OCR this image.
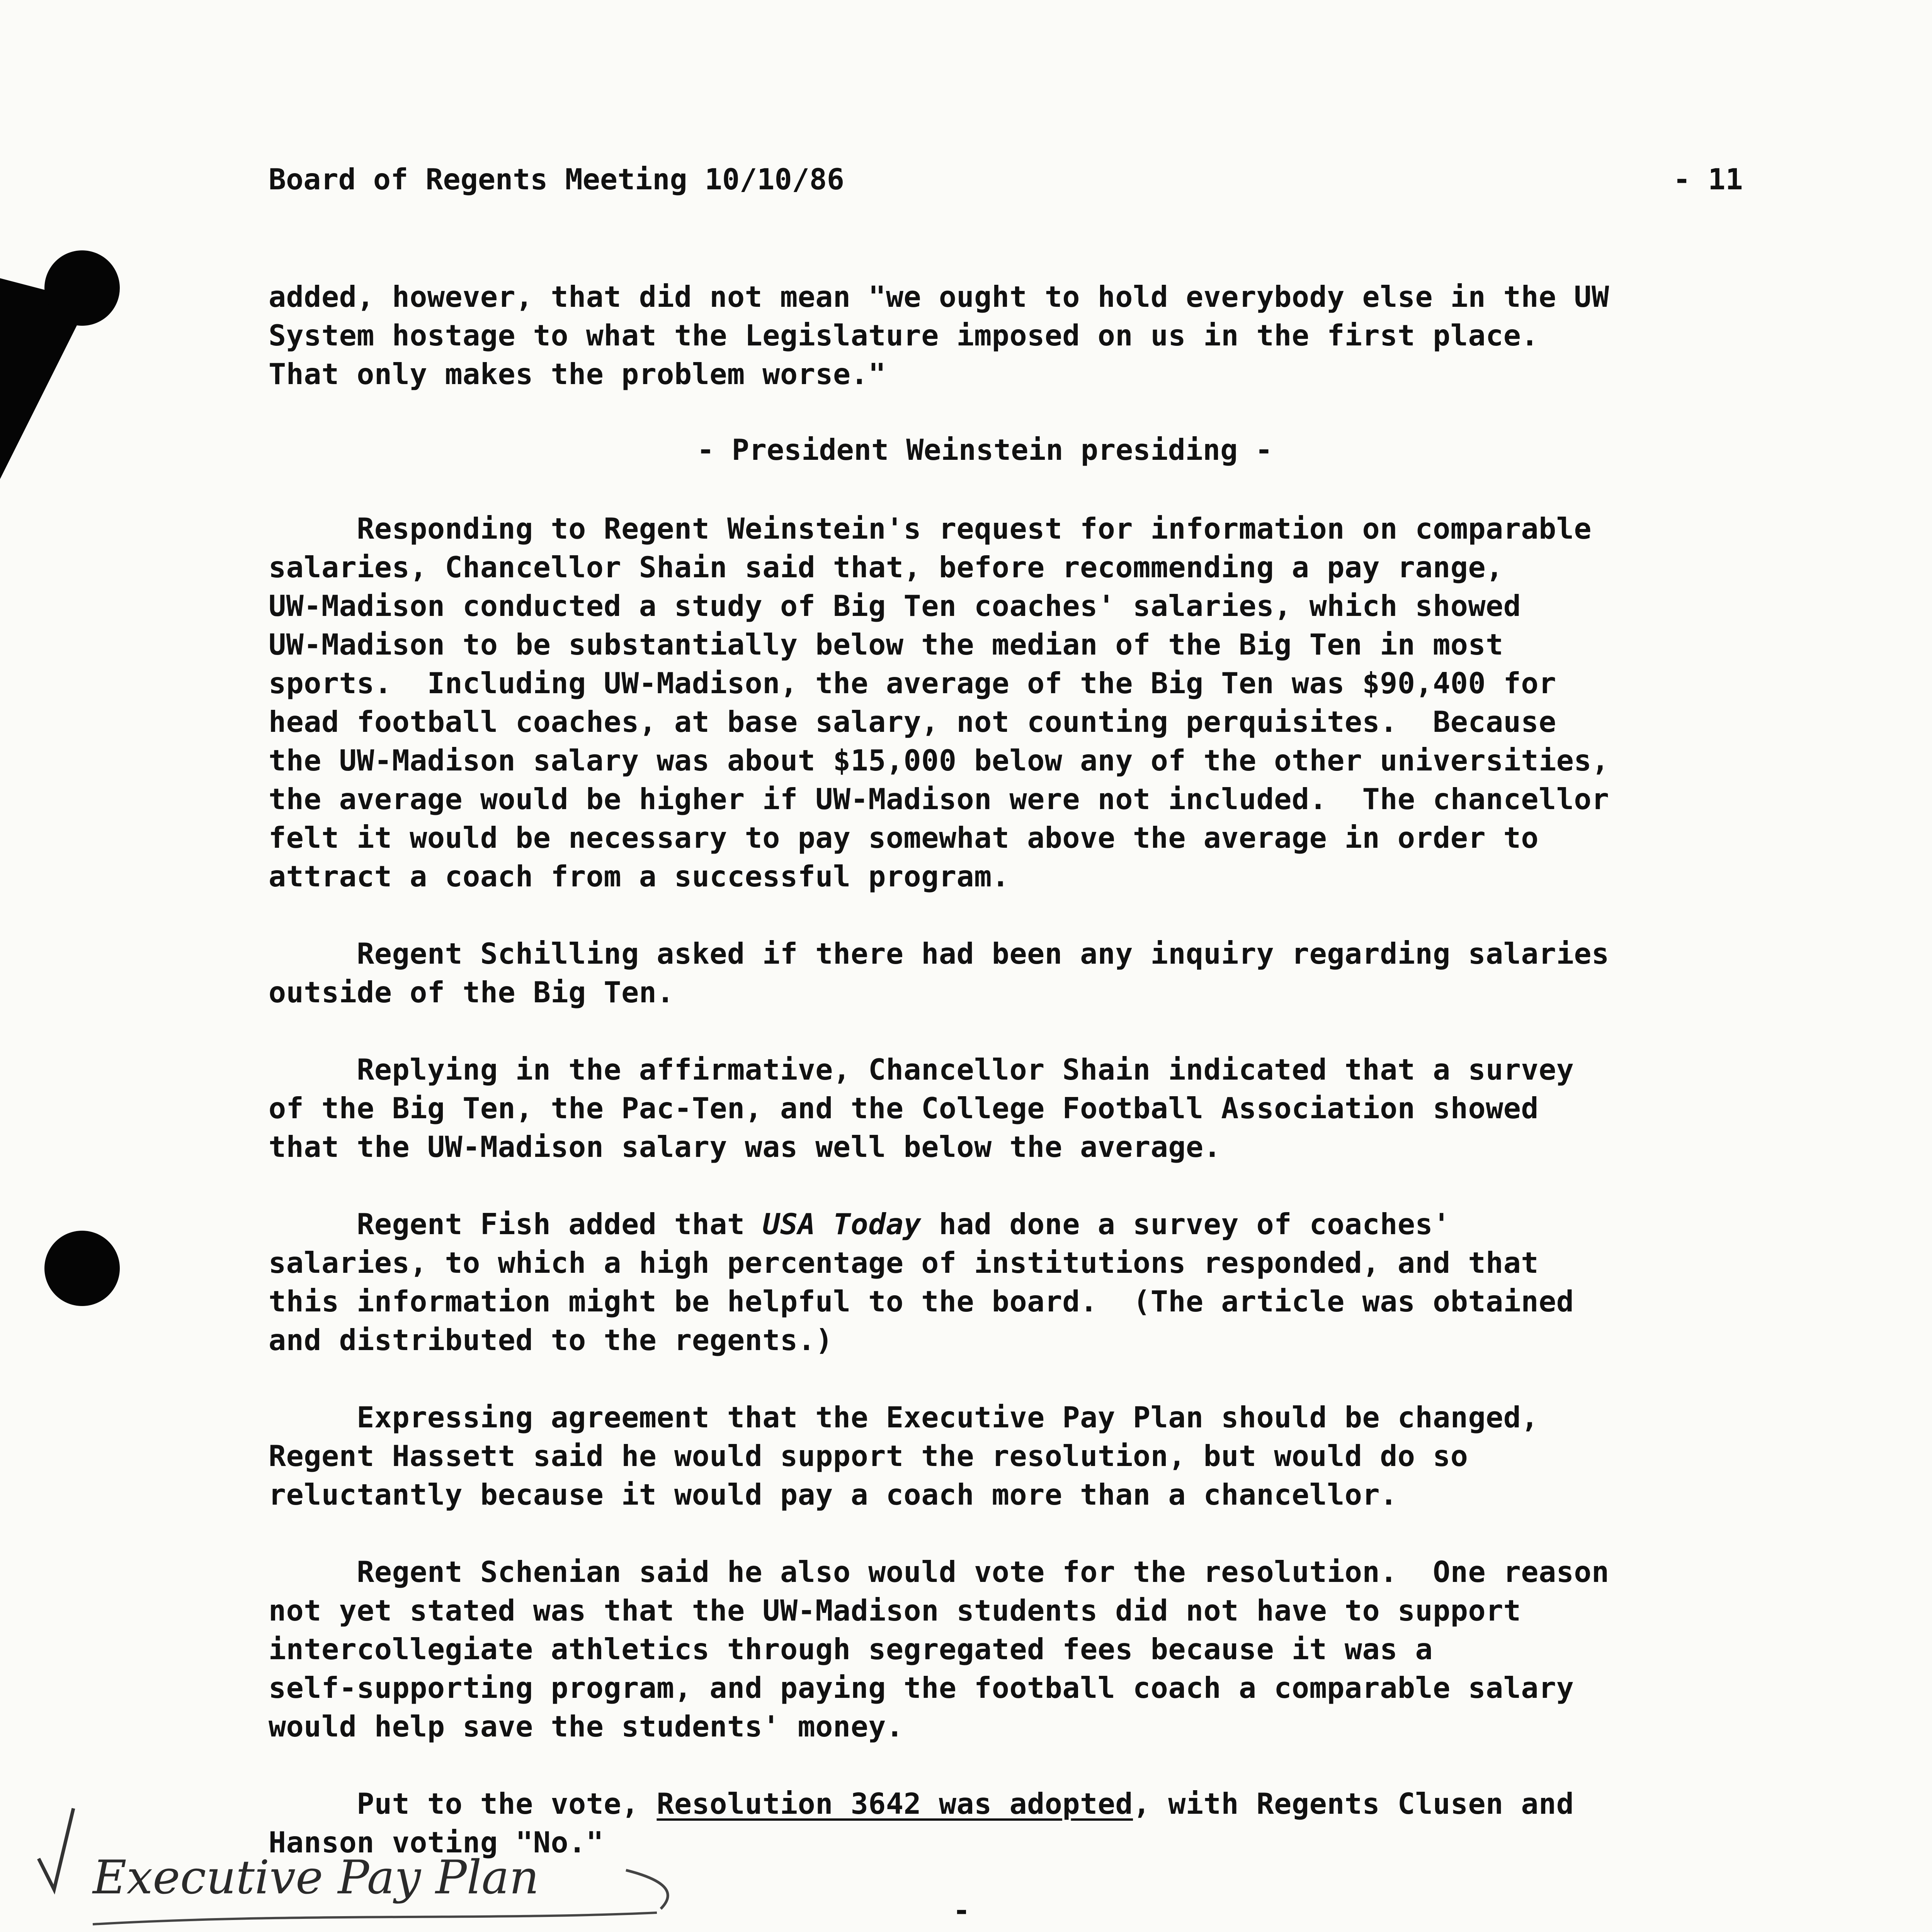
Board of Regents Meeting 10/10/86	- 11
added, however, that did not mean "we ought to hold everybody else in the UW
System hostage to what the Legislature imposed on us in the first place.
That only makes the problem worse."
- President Weinstein presiding -
Responding to Regent Weinstein's request for information on comparable
salaries, Chancellor Shain said that, before recommending a pay range,
UW-Madison conducted a study of Big Ten coaches' salaries, which showed
UW-Madison to be substantially below the median of the Big Ten in most
sports.  Including UW-Madison, the average of the Big Ten was $90,400 for
head football coaches, at base salary, not counting perquisites.  Because
the UW-Madison salary was about $15,000 below any of the other universities,
the average would be higher if UW-Madison were not included.  The chancellor
felt it would be necessary to pay somewhat above the average in order to
attract a coach from a successful program.
Regent Schilling asked if there had been any inquiry regarding salaries
outside of the Big Ten.
Replying in the affirmative, Chancellor Shain indicated that a survey
of the Big Ten, the Pac-Ten, and the College Football Association showed
that the UW-Madison salary was well below the average.
Regent Fish added that USA Today had done a survey of coaches'
salaries, to which a high percentage of institutions responded, and that
this information might be helpful to the board.  (The article was obtained
and distributed to the regents.)
Expressing agreement that the Executive Pay Plan should be changed,
Regent Hassett said he would support the resolution, but would do so
reluctantly because it would pay a coach more than a chancellor.
Regent Schenian said he also would vote for the resolution.  One reason
not yet stated was that the UW-Madison students did not have to support
intercollegiate athletics through segregated fees because it was a
self-supporting program, and paying the football coach a comparable salary
would help save the students' money.
Put to the vote, Resolution 3642 was adopted, with Regents Clusen and
Hanson voting "No."
Executive Pay Plan
-
